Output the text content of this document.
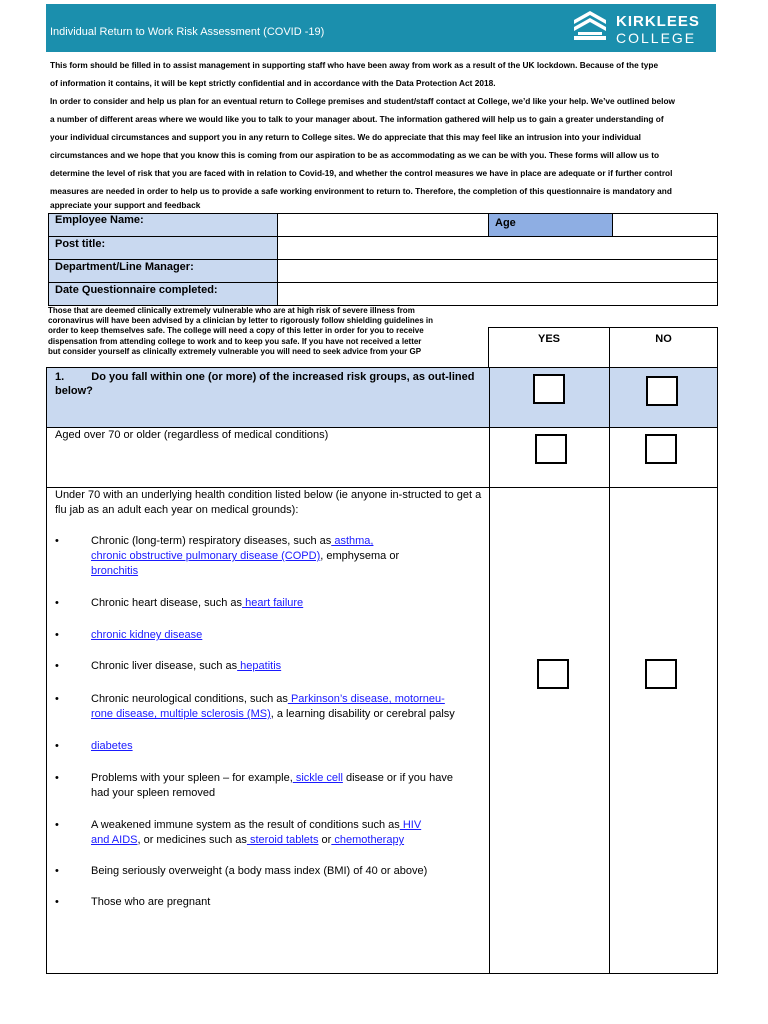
Individual Return to Work Risk Assessment (COVID -19)
KIRKLEES
COLLEGE

This form should be filled in to assist management in supporting staff who have been away from work as a result of the UK lockdown. Because of the type

of information it contains, it will be kept strictly confidential and in accordance with the Data Protection Act 2018.

In order to consider and help us plan for an eventual return to College premises and student/staff contact at College, we’d like your help. We’ve outlined below

a number of different areas where we would like you to talk to your manager about. The information gathered will help us to gain a greater understanding of

your individual circumstances and support you in any return to College sites. We do appreciate that this may feel like an intrusion into your individual

circumstances and we hope that you know this is coming from our aspiration to be as accommodating as we can be with you. These forms will allow us to

determine the level of risk that you are faced with in relation to Covid-19, and whether the control measures we have in place are adequate or if further control

measures are needed in order to help us to provide a safe working environment to return to. Therefore, the completion of this questionnaire is mandatory and

appreciate your support and feedback

Employee Name:	Age
Post title:
Department/Line Manager:
Date Questionnaire completed:
Those that are deemed clinically extremely vulnerable who are at high risk of severe illness from
coronavirus will have been advised by a clinician by letter to rigorously follow shielding guidelines in
order to keep themselves safe. The college will need a copy of this letter in order for you to receive
dispensation from attending college to work and to keep you safe. If you have not received a letter
but consider yourself as clinically extremely vulnerable you will need to seek advice from your GP
YES	NO
1. Do you fall within one (or more) of the increased risk groups, as out-lined below?
Aged over 70 or older (regardless of medical conditions)
Under 70 with an underlying health condition listed below (ie anyone in-structed to get a flu jab as an adult each year on medical grounds):
•	Chronic (long-term) respiratory diseases, such as asthma,
chronic obstructive pulmonary disease (COPD), emphysema or
bronchitis
•	Chronic heart disease, such as heart failure
•	chronic kidney disease
•	Chronic liver disease, such as hepatitis
•	Chronic neurological conditions, such as Parkinson’s disease, motorneu-
rone disease, multiple sclerosis (MS), a learning disability or cerebral palsy
•	diabetes
•	Problems with your spleen – for example, sickle cell disease or if you have
had your spleen removed
•	A weakened immune system as the result of conditions such as HIV
and AIDS, or medicines such as steroid tablets or chemotherapy
•	Being seriously overweight (a body mass index (BMI) of 40 or above)
•	Those who are pregnant
